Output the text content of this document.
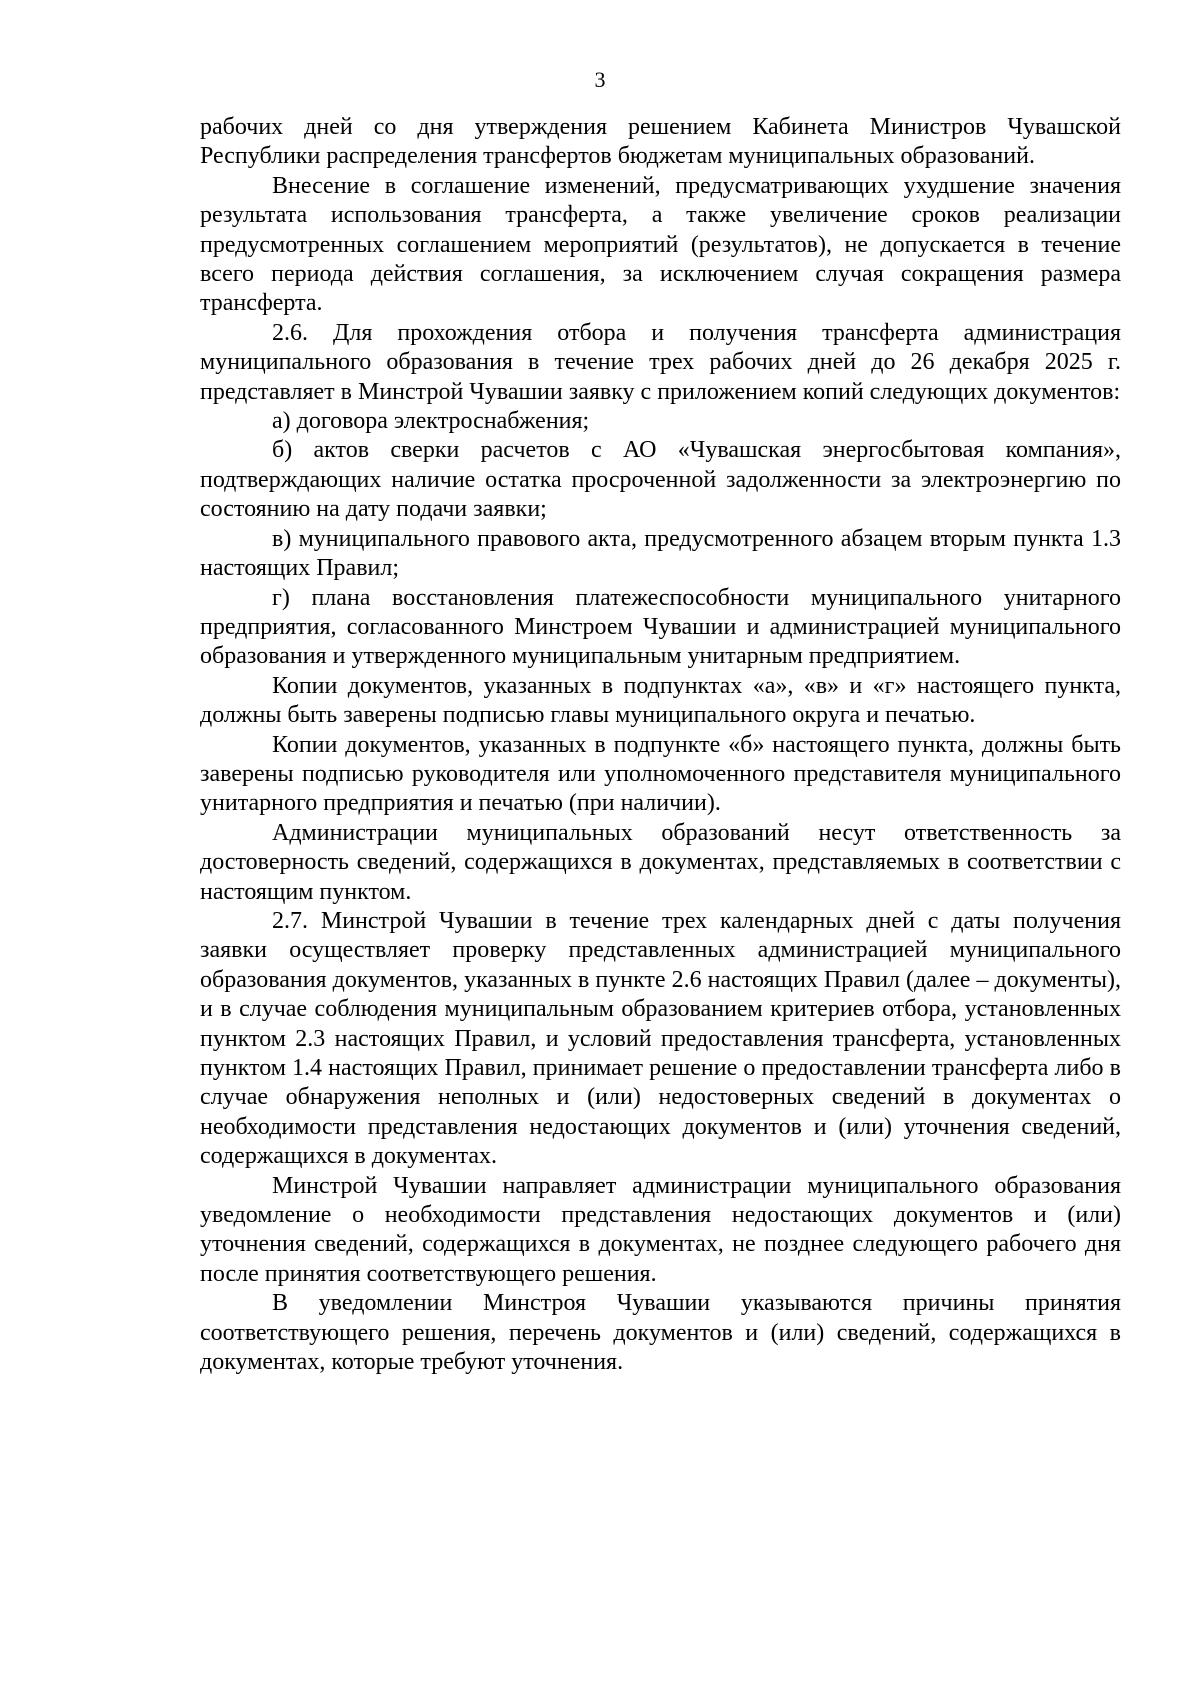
3

рабочих дней со дня утверждения решением Кабинета Министров Чувашской Республики распределения трансфертов бюджетам муниципальных образований.

Внесение в соглашение изменений, предусматривающих ухудшение значения результата использования трансферта, а также увеличение сроков реализации предусмотренных соглашением мероприятий (результатов), не допускается в течение всего периода действия соглашения, за исключением случая сокращения размера трансферта.

2.6. Для прохождения отбора и получения трансферта администрация муниципального образования в течение трех рабочих дней до 26 декабря 2025 г. представляет в Минстрой Чувашии заявку с приложением копий следующих документов:

а) договора электроснабжения;

б) актов сверки расчетов с АО «Чувашская энергосбытовая компания», подтверждающих наличие остатка просроченной задолженности за электроэнергию по состоянию на дату подачи заявки;

в) муниципального правового акта, предусмотренного абзацем вторым пункта 1.3 настоящих Правил;

г) плана восстановления платежеспособности муниципального унитарного предприятия, согласованного Минстроем Чувашии и администрацией муниципального образования и утвержденного муниципальным унитарным предприятием.

Копии документов, указанных в подпунктах «а», «в» и «г» настоящего пункта, должны быть заверены подписью главы муниципального округа и печатью.

Копии документов, указанных в подпункте «б» настоящего пункта, должны быть заверены подписью руководителя или уполномоченного представителя муниципального унитарного предприятия и печатью (при наличии).

Администрации муниципальных образований несут ответственность за достоверность сведений, содержащихся в документах, представляемых в соответствии с настоящим пунктом.

2.7. Минстрой Чувашии в течение трех календарных дней с даты получения заявки осуществляет проверку представленных администрацией муниципального образования документов, указанных в пункте 2.6 настоящих Правил (далее – документы), и в случае соблюдения муниципальным образованием критериев отбора, установленных пунктом 2.3 настоящих Правил, и условий предоставления трансферта, установленных пунктом 1.4 настоящих Правил, принимает решение о предоставлении трансферта либо в случае обнаружения неполных и (или) недостоверных сведений в документах о необходимости представления недостающих документов и (или) уточнения сведений, содержащихся в документах.

Минстрой Чувашии направляет администрации муниципального образования уведомление о необходимости представления недостающих документов и (или) уточнения сведений, содержащихся в документах, не позднее следующего рабочего дня после принятия соответствующего решения.

В уведомлении Минстроя Чувашии указываются причины принятия соответствующего решения, перечень документов и (или) сведений, содержащихся в документах, которые требуют уточнения.
